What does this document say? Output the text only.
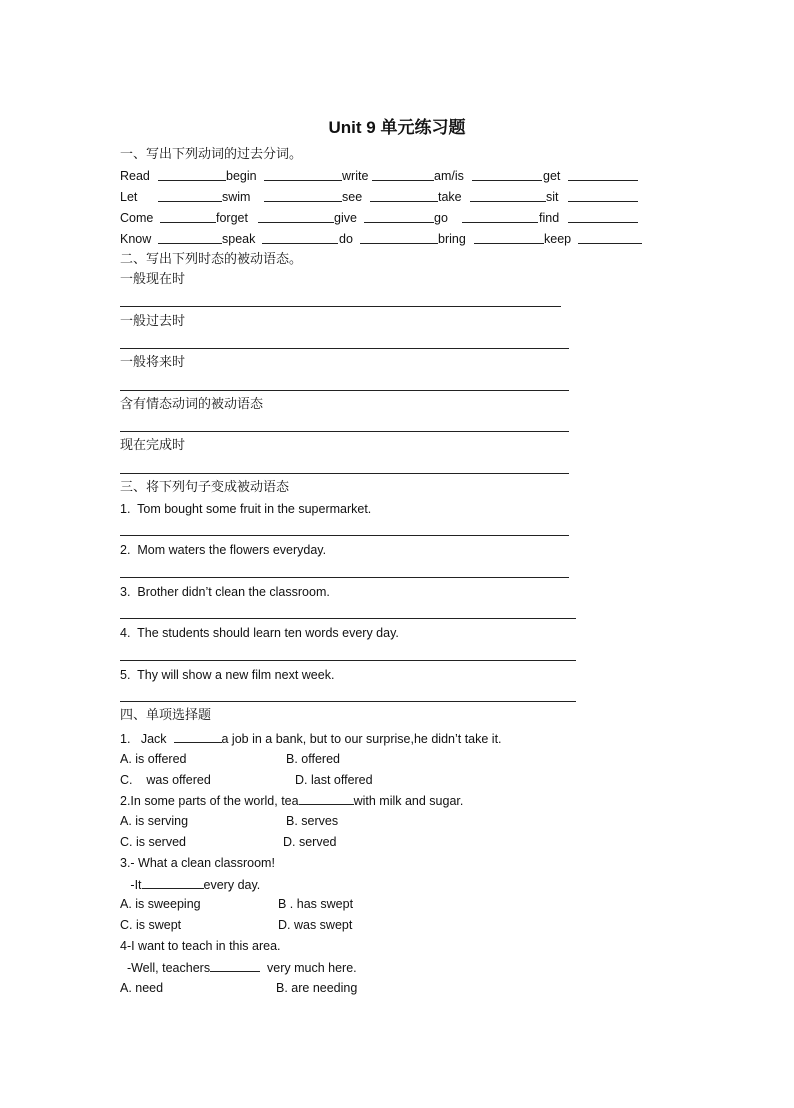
Unit 9 单元练习题
一、写出下列动词的过去分词。
Read	begin	write	am/is	get
Let	swim	see	take	sit
Come	forget	give	go	find
Know	speak	do	bring	keep
二、写出下列时态的被动语态。
一般现在时
一般过去时
一般将来时
含有情态动词的被动语态
现在完成时
三、将下列句子变成被动语态
1.  Tom bought some fruit in the supermarket.
2.  Mom waters the flowers everyday.
3.  Brother didn’t clean the classroom.
4.  The students should learn ten words every day.
5.  Thy will show a new film next week.
四、单项选择题
1.   Jack	a job in a bank, but to our surprise,he didn’t take it.
A. is offered	B. offered
C.    was offered	D. last offered
2.In some parts of the world, tea	with milk and sugar.
A. is serving	B. serves
C. is served	D. served
3.- What a clean classroom!
-It	every day.
A. is sweeping	B . has swept
C. is swept	D. was swept
4-I want to teach in this area.
-Well, teachers	very much here.
A. need	B. are needing
